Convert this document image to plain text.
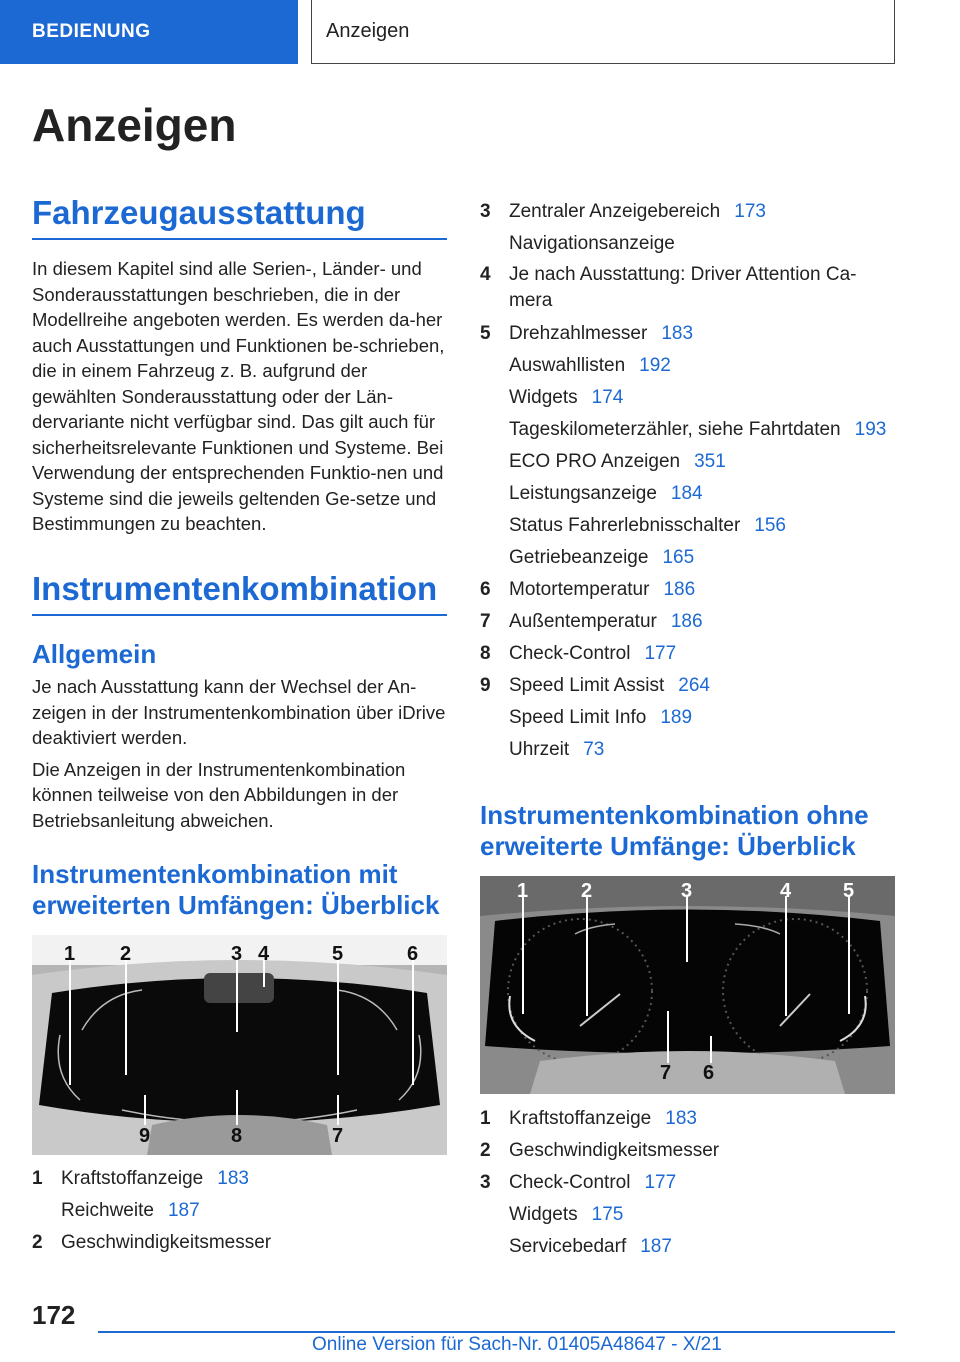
BEDIENUNG	Anzeigen
Anzeigen
Fahrzeugausstattung

In diesem Kapitel sind alle Serien-, Länder- und Sonderausstattungen beschrieben, die in der Modellreihe angeboten werden. Es werden da-her auch Ausstattungen und Funktionen be-schrieben, die in einem Fahrzeug z. B. aufgrund der gewählten Sonderausstattung oder der Län-dervariante nicht verfügbar sind. Das gilt auch für sicherheitsrelevante Funktionen und Systeme. Bei Verwendung der entsprechenden Funktio-nen und Systeme sind die jeweils geltenden Ge-setze und Bestimmungen zu beachten.

Instrumentenkombination
Allgemein

Je nach Ausstattung kann der Wechsel der An-zeigen in der Instrumentenkombination über iDrive deaktiviert werden.

Die Anzeigen in der Instrumentenkombination können teilweise von den Abbildungen in der Betriebsanleitung abweichen.

Instrumentenkombination mit erweiterten Umfängen: Überblick
1 2	3 4	5	6
9	8	7
1 Kraftstoffanzeige 183
Reichweite 187
2 Geschwindigkeitsmesser
3 Zentraler Anzeigebereich 173
Navigationsanzeige
4 Je nach Ausstattung: Driver Attention Ca-mera
5 Drehzahlmesser 183
Auswahllisten 192
Widgets 174
Tageskilometerzähler, siehe Fahrtdaten 193
ECO PRO Anzeigen 351
Leistungsanzeige 184
Status Fahrerlebnisschalter 156
Getriebeanzeige 165
6 Motortemperatur 186
7 Außentemperatur 186
8 Check-Control 177
9 Speed Limit Assist 264
Speed Limit Info 189
Uhrzeit 73
Instrumentenkombination ohne erweiterte Umfänge: Überblick
1	2	3	4	5
7 6
1 Kraftstoffanzeige 183
2 Geschwindigkeitsmesser
3 Check-Control 177
Widgets 175
Servicebedarf 187
172
Online Version für Sach-Nr. 01405A48647 - X/21
